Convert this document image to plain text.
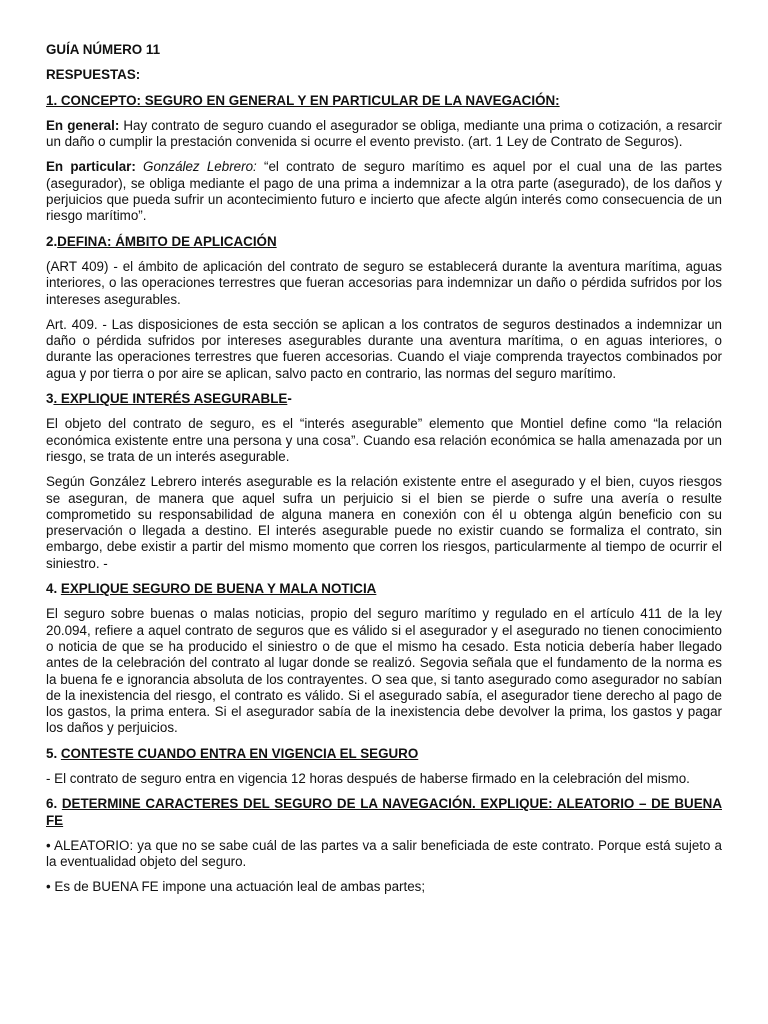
GUÍA NÚMERO 11
RESPUESTAS:
1. CONCEPTO: SEGURO EN GENERAL Y EN PARTICULAR DE LA NAVEGACIÓN:

En general: Hay contrato de seguro cuando el asegurador se obliga, mediante una prima o cotización, a resarcir un daño o cumplir la prestación convenida si ocurre el evento previsto. (art. 1 Ley de Contrato de Seguros).

En particular: González Lebrero: “el contrato de seguro marítimo es aquel por el cual una de las partes (asegurador), se obliga mediante el pago de una prima a indemnizar a la otra parte (asegurado), de los daños y perjuicios que pueda sufrir un acontecimiento futuro e incierto que afecte algún interés como consecuencia de un riesgo marítimo”.

2.DEFINA: ÁMBITO DE APLICACIÓN

(ART 409) - el ámbito de aplicación del contrato de seguro se establecerá durante la aventura marítima, aguas interiores, o las operaciones terrestres que fueran accesorias para indemnizar un daño o pérdida sufridos por los intereses asegurables.

Art. 409. - Las disposiciones de esta sección se aplican a los contratos de seguros destinados a indemnizar un daño o pérdida sufridos por intereses asegurables durante una aventura marítima, o en aguas interiores, o durante las operaciones terrestres que fueren accesorias. Cuando el viaje comprenda trayectos combinados por agua y por tierra o por aire se aplican, salvo pacto en contrario, las normas del seguro marítimo.

3. EXPLIQUE INTERÉS ASEGURABLE-

El objeto del contrato de seguro, es el “interés asegurable” elemento que Montiel define como “la relación económica existente entre una persona y una cosa”. Cuando esa relación económica se halla amenazada por un riesgo, se trata de un interés asegurable.

Según González Lebrero interés asegurable es la relación existente entre el asegurado y el bien, cuyos riesgos se aseguran, de manera que aquel sufra un perjuicio si el bien se pierde o sufre una avería o resulte comprometido su responsabilidad de alguna manera en conexión con él u obtenga algún beneficio con su preservación o llegada a destino. El interés asegurable puede no existir cuando se formaliza el contrato, sin embargo, debe existir a partir del mismo momento que corren los riesgos, particularmente al tiempo de ocurrir el siniestro. -

4. EXPLIQUE SEGURO DE BUENA Y MALA NOTICIA

El seguro sobre buenas o malas noticias, propio del seguro marítimo y regulado en el artículo 411 de la ley 20.094, refiere a aquel contrato de seguros que es válido si el asegurador y el asegurado no tienen conocimiento o noticia de que se ha producido el siniestro o de que el mismo ha cesado. Esta noticia debería haber llegado antes de la celebración del contrato al lugar donde se realizó. Segovia señala que el fundamento de la norma es la buena fe e ignorancia absoluta de los contrayentes. O sea que, si tanto asegurado como asegurador no sabían de la inexistencia del riesgo, el contrato es válido. Si el asegurado sabía, el asegurador tiene derecho al pago de los gastos, la prima entera. Si el asegurador sabía de la inexistencia debe devolver la prima, los gastos y pagar los daños y perjuicios.

5. CONTESTE CUANDO ENTRA EN VIGENCIA EL SEGURO

- El contrato de seguro entra en vigencia 12 horas después de haberse firmado en la celebración del mismo.

6. DETERMINE CARACTERES DEL SEGURO DE LA NAVEGACIÓN. EXPLIQUE: ALEATORIO – DE BUENA FE

• ALEATORIO: ya que no se sabe cuál de las partes va a salir beneficiada de este contrato. Porque está sujeto a la eventualidad objeto del seguro.

• Es de BUENA FE impone una actuación leal de ambas partes;
